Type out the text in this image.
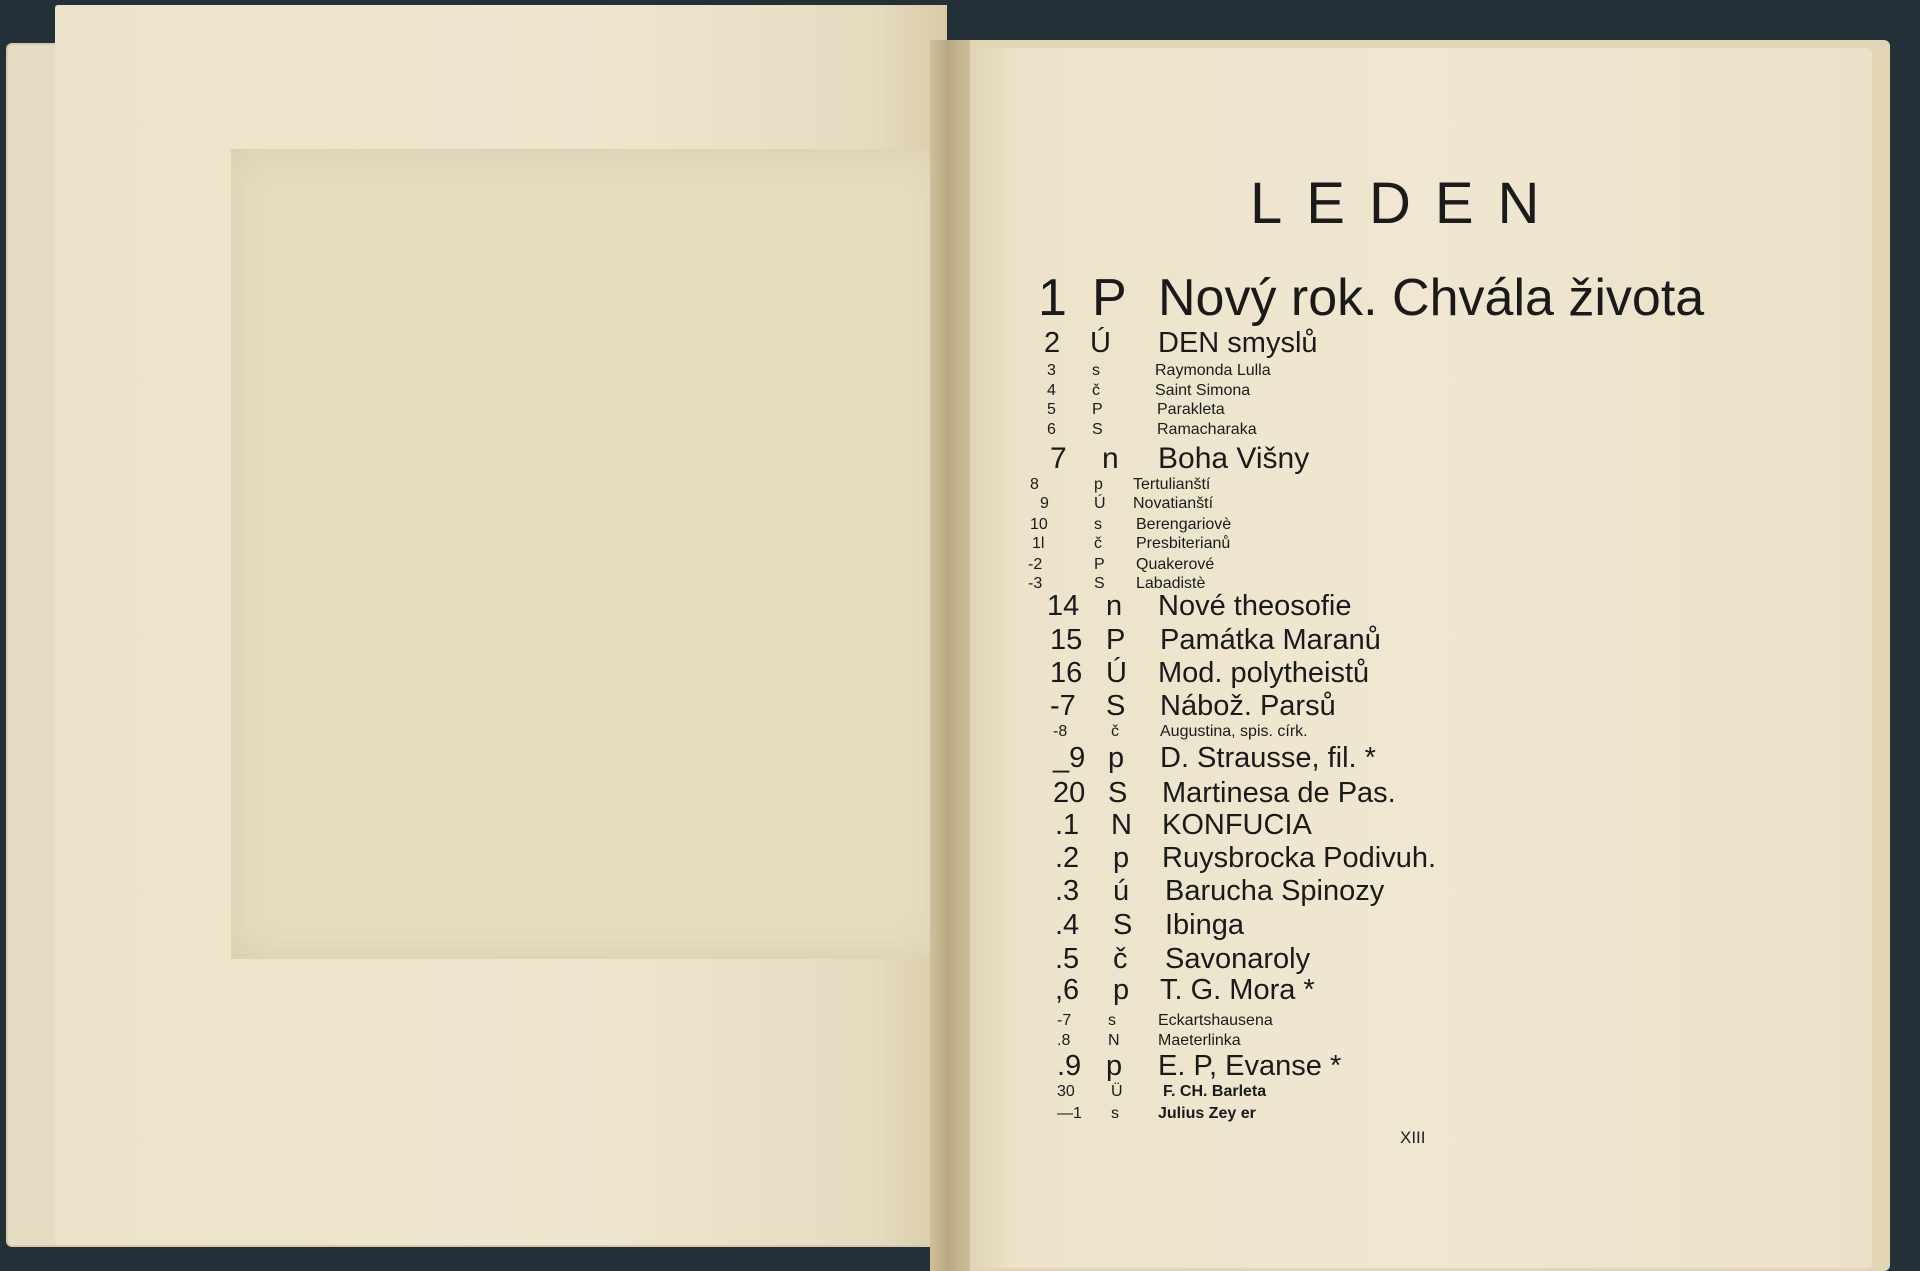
LEDEN
1 P Nový rok. Chvála života
2 Ú DEN smyslů
3 s	Raymonda Lulla
4 č	Saint Simona
5 P	Parakleta
6 S	Ramacharaka
7 n Boha Višny
8	p Tertulianští
9	Ú Novatianští
10	s Berengariovè
1l	č Presbiterianů
-2	P Quakerové
-3	S Labadistè
14 n Nové theosofie
15 P Památka Maranů
16 Ú Mod. polytheistů
-7 S Nábož. Parsů
-8	č	Augustina, spis. círk.
_9 p D. Strausse, fil. *
20 S Martinesa de Pas.
.1 N KONFUCIA
.2 p Ruysbrocka Podivuh.
.3 ú Barucha Spinozy
.4 S Ibinga
.5 č Savonaroly
,6 p T. G. Mora *
-7 s	Eckartshausena
.8 N Maeterlinka
.9 p E. P, Evanse *
30 Ü	F. CH. Barleta
—1 s Julius Zey er
XIII
